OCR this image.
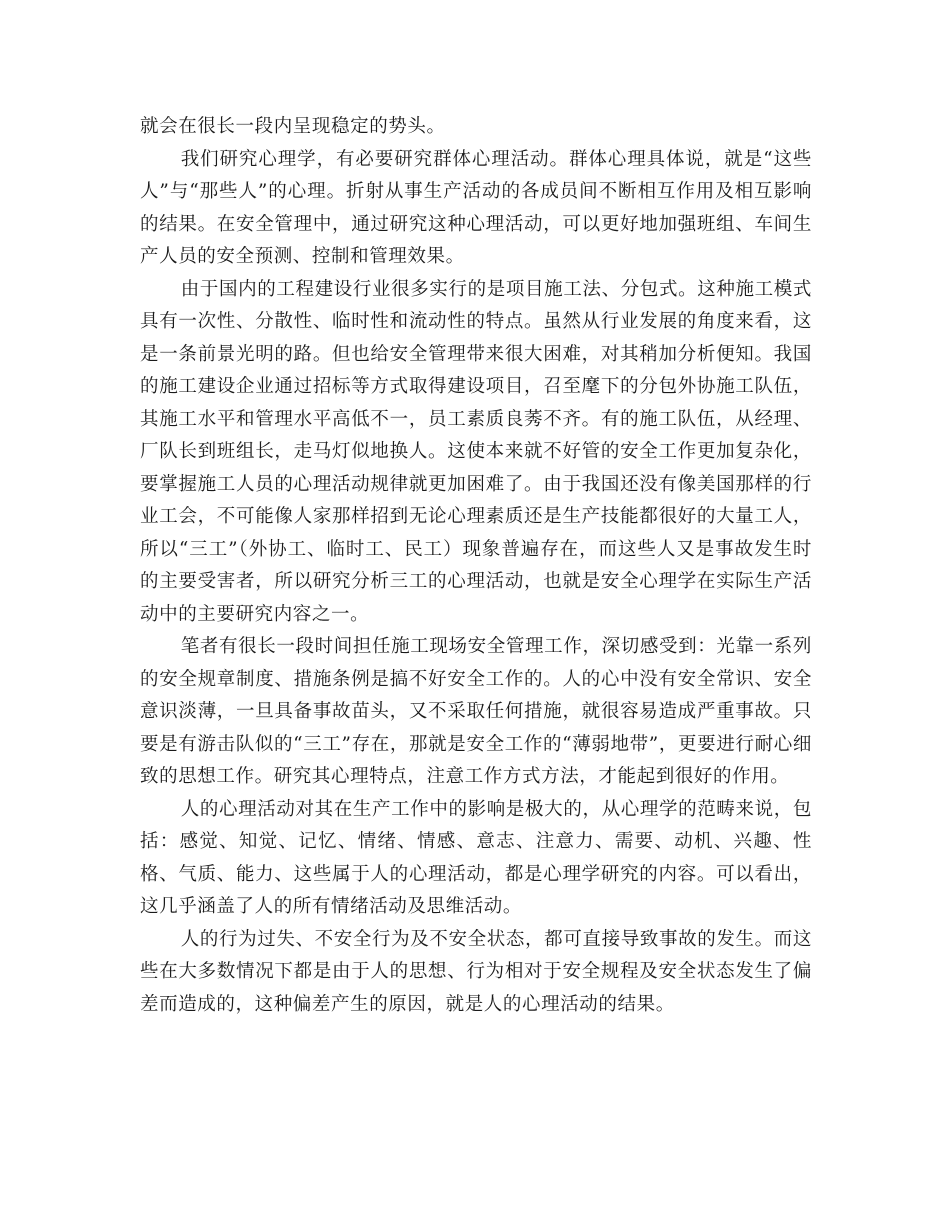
就会在很长一段内呈现稳定的势头。

我们研究心理学，有必要研究群体心理活动。群体心理具体说，就是“这些人”与“那些人”的心理。折射从事生产活动的各成员间不断相互作用及相互影响的结果。在安全管理中，通过研究这种心理活动，可以更好地加强班组、车间生产人员的安全预测、控制和管理效果。

由于国内的工程建设行业很多实行的是项目施工法、分包式。这种施工模式具有一次性、分散性、临时性和流动性的特点。虽然从行业发展的角度来看，这是一条前景光明的路。但也给安全管理带来很大困难，对其稍加分析便知。我国的施工建设企业通过招标等方式取得建设项目，召至麾下的分包外协施工队伍，其施工水平和管理水平高低不一，员工素质良莠不齐。有的施工队伍，从经理、厂队长到班组长，走马灯似地换人。这使本来就不好管的安全工作更加复杂化，要掌握施工人员的心理活动规律就更加困难了。由于我国还没有像美国那样的行业工会，不可能像人家那样招到无论心理素质还是生产技能都很好的大量工人，所以“三工”（外协工、临时工、民工）现象普遍存在，而这些人又是事故发生时的主要受害者，所以研究分析三工的心理活动，也就是安全心理学在实际生产活动中的主要研究内容之一。

笔者有很长一段时间担任施工现场安全管理工作，深切感受到：光靠一系列的安全规章制度、措施条例是搞不好安全工作的。人的心中没有安全常识、安全意识淡薄，一旦具备事故苗头，又不采取任何措施，就很容易造成严重事故。只要是有游击队似的“三工”存在，那就是安全工作的“薄弱地带”，更要进行耐心细致的思想工作。研究其心理特点，注意工作方式方法，才能起到很好的作用。

人的心理活动对其在生产工作中的影响是极大的，从心理学的范畴来说，包括：感觉、知觉、记忆、情绪、情感、意志、注意力、需要、动机、兴趣、性格、气质、能力、这些属于人的心理活动，都是心理学研究的内容。可以看出，这几乎涵盖了人的所有情绪活动及思维活动。

人的行为过失、不安全行为及不安全状态，都可直接导致事故的发生。而这些在大多数情况下都是由于人的思想、行为相对于安全规程及安全状态发生了偏差而造成的，这种偏差产生的原因，就是人的心理活动的结果。
